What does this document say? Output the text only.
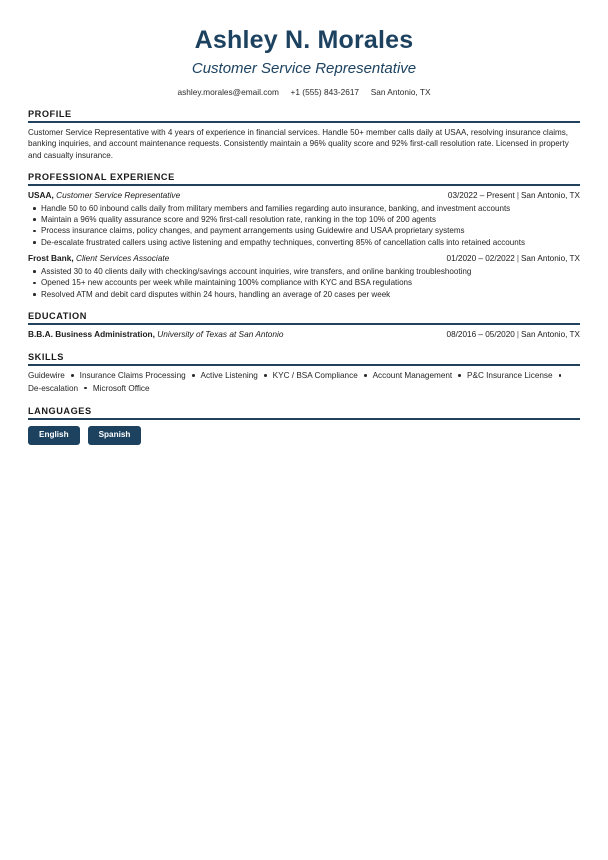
Ashley N. Morales
Customer Service Representative
ashley.morales@email.com +1 (555) 843-2617 San Antonio, TX
PROFILE
Customer Service Representative with 4 years of experience in financial services. Handle 50+ member calls daily at USAA, resolving insurance claims, banking inquiries, and account maintenance requests. Consistently maintain a 96% quality score and 92% first-call resolution rate. Licensed in property and casualty insurance.
PROFESSIONAL EXPERIENCE
USAA, Customer Service Representative	03/2022 – Present | San Antonio, TX
Handle 50 to 60 inbound calls daily from military members and families regarding auto insurance, banking, and investment accounts
Maintain a 96% quality assurance score and 92% first-call resolution rate, ranking in the top 10% of 200 agents
Process insurance claims, policy changes, and payment arrangements using Guidewire and USAA proprietary systems
De-escalate frustrated callers using active listening and empathy techniques, converting 85% of cancellation calls into retained accounts
Frost Bank, Client Services Associate	01/2020 – 02/2022 | San Antonio, TX
Assisted 30 to 40 clients daily with checking/savings account inquiries, wire transfers, and online banking troubleshooting
Opened 15+ new accounts per week while maintaining 100% compliance with KYC and BSA regulations
Resolved ATM and debit card disputes within 24 hours, handling an average of 20 cases per week
EDUCATION
B.B.A. Business Administration, University of Texas at San Antonio	08/2016 – 05/2020 | San Antonio, TX
SKILLS
Guidewire Insurance Claims Processing Active Listening KYC / BSA Compliance Account Management P&C Insurance LicenseDe-escalation Microsoft Office
LANGUAGES
English	Spanish
